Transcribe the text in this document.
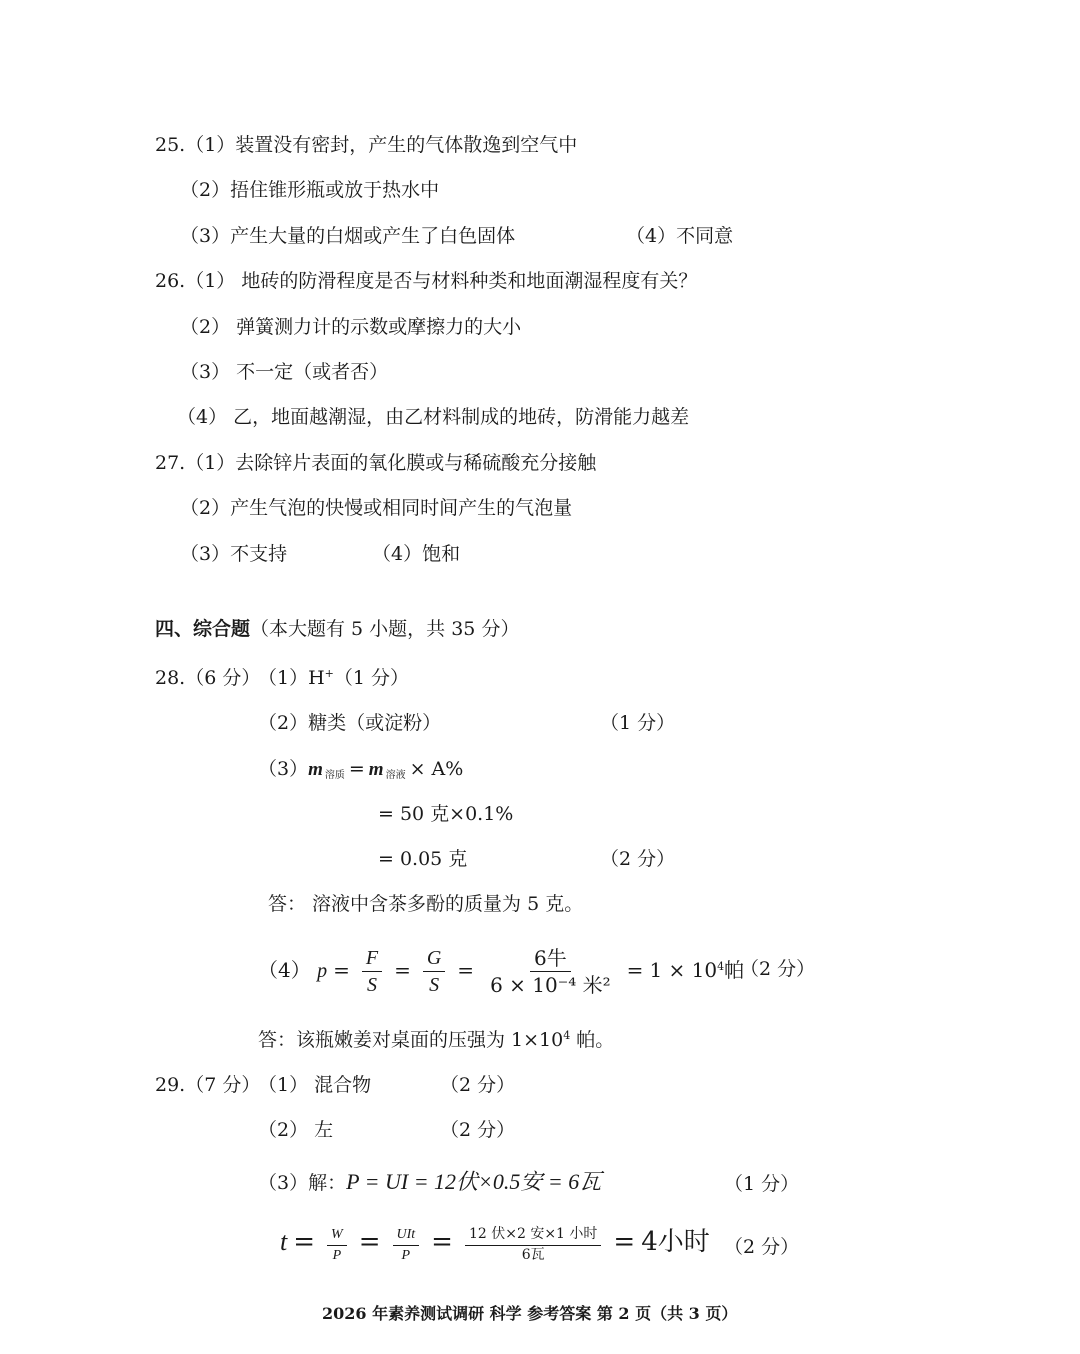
25.（1）装置没有密封，产生的气体散逸到空气中
（2）捂住锥形瓶或放于热水中
（3）产生大量的白烟或产生了白色固体	（4）不同意
26.（1） 地砖的防滑程度是否与材料种类和地面潮湿程度有关？
（2） 弹簧测力计的示数或摩擦力的大小
（3） 不一定（或者否）
（4） 乙，地面越潮湿，由乙材料制成的地砖，防滑能力越差
27.（1）去除锌片表面的氧化膜或与稀硫酸充分接触
（2）产生气泡的快慢或相同时间产生的气泡量
（3）不支持	（4）饱和
四、综合题（本大题有 5 小题，共 35 分）
28.（6 分）
（1）H+（1 分）
（2）糖类（或淀粉）	（1 分）
（3）m $_{溶质}$ = m $_{溶液}$ × A%
= 50 克×0.1%
= 0.05 克	（2 分）
答： 溶液中含茶多酚的质量为 5 克。
（4） $p = \frac{F}{S} = \frac{G}{S} = \frac{\text{6牛}}{\text{6 × 10⁻⁴ 米²}} = 1 \times 10^4$帕
（2 分）
答：该瓶嫩姜对桌面的压强为 $1\times 10^4$ 帕。
29.（7 分）
（1） 混合物	（2 分）
（2） 左	（2 分）
（3）解：P = UI = 12伏×0.5安 = 6瓦	（1 分）
$t = \frac{W}{P} = \frac{\text{UIt}}{P} = \frac{\text{12 伏×2 安×1 小时}}{\text{6瓦}} = 4$小时 （2 分）
2026 年素养测试调研 科学 参考答案 第 2 页（共 3 页）
